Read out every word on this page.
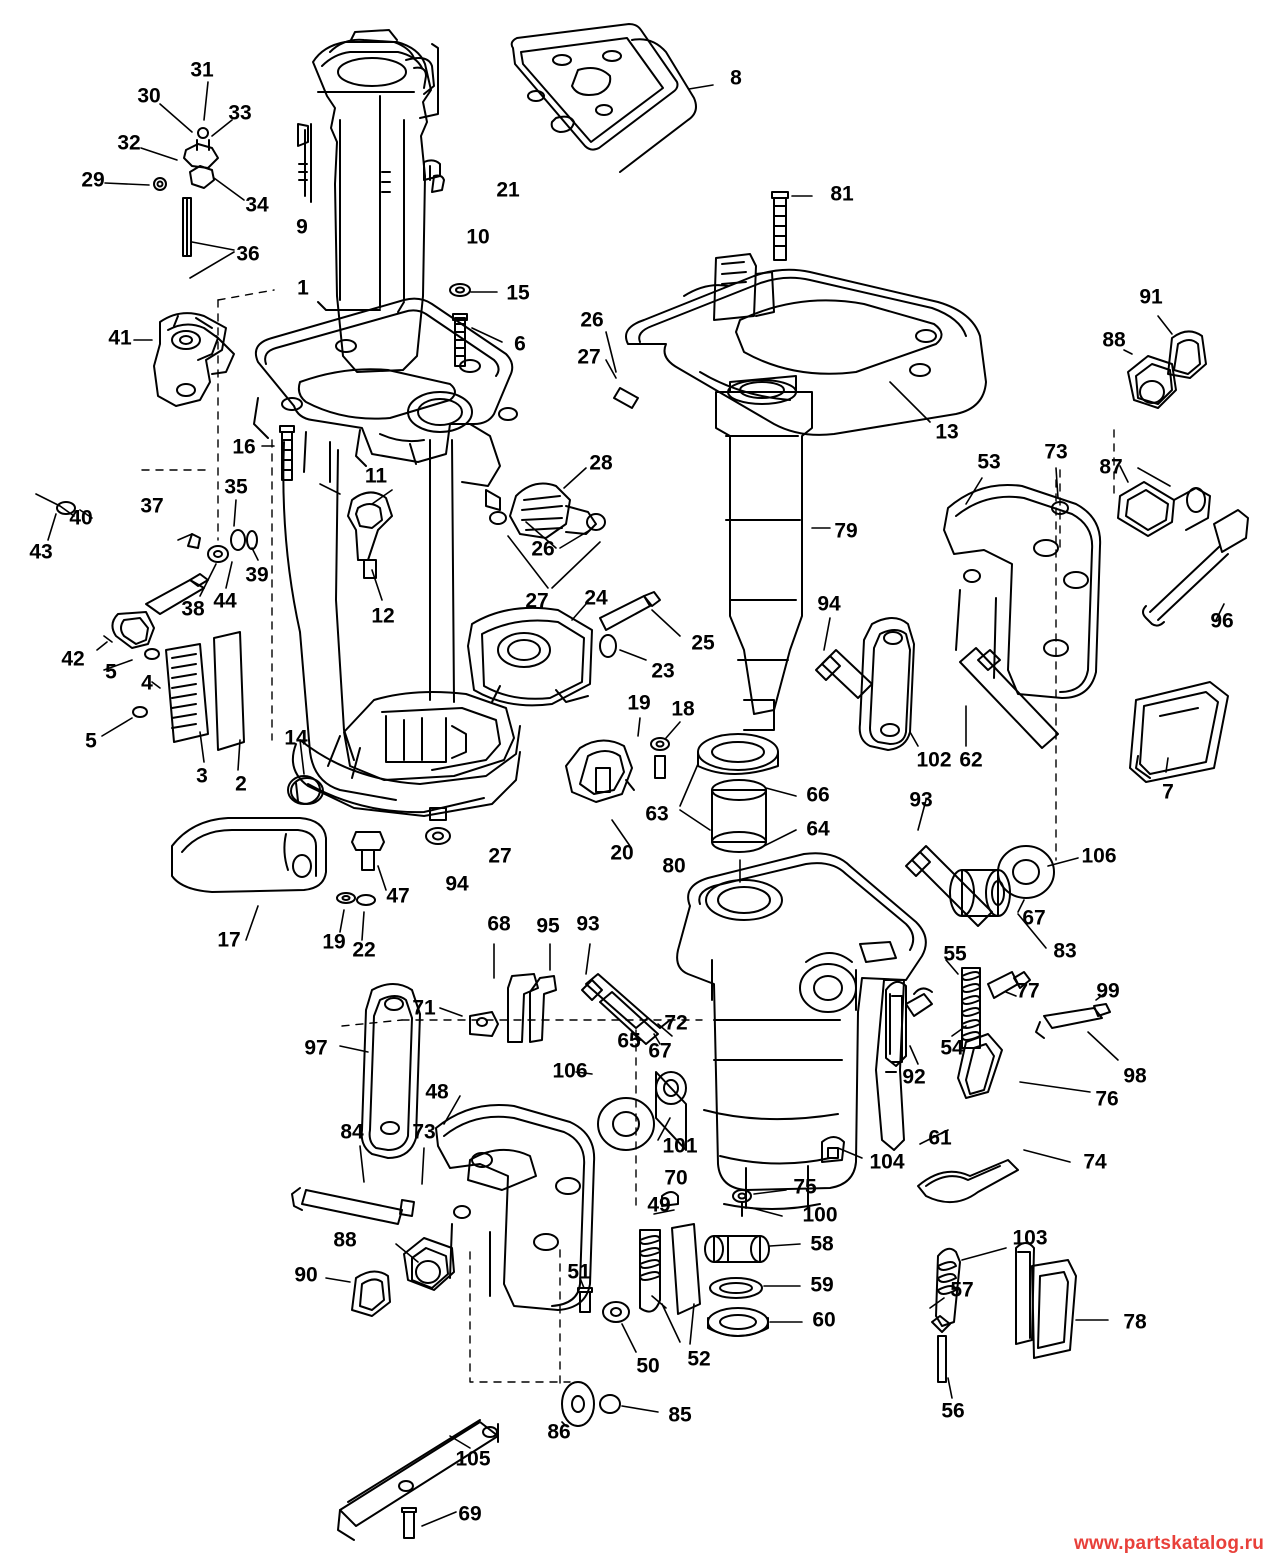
31
30
33
32
29
34
8
81
21
9
36
10
1	15
26
27
6
91
88
41
13
16
53 73
87
40
43
37
35	11
28
26
27
79
94
96
39
38 44
12
24
25
23
42
5 4
5
3 2
14
19 18
102 62
7
66
64
63
20
93
80
27	106
67
83
17
47
94
19 22
68 95 93
55
77	99
71
65
72
67	54
92	98
76
97
106
48
101	61
104	74
84 73
70
49
75
100
88
90
58	103
59	57
51
60	78
50 52
56
85
86
105
69
www.partskatalog.ru
